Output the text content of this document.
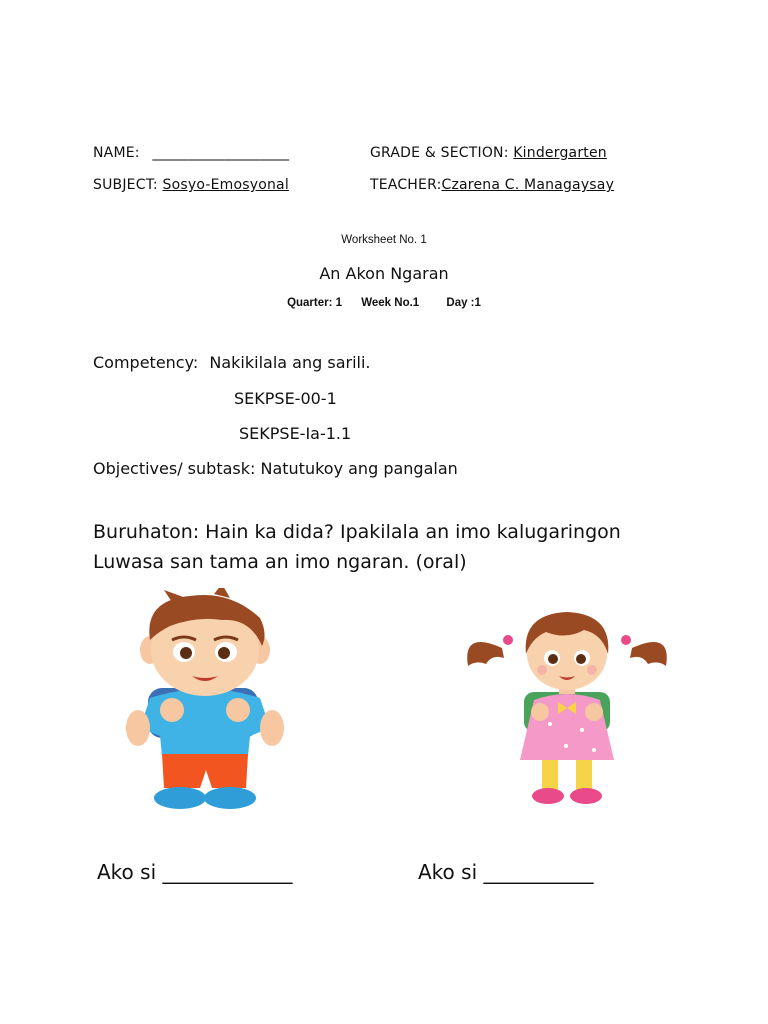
NAME: ___________________	GRADE & SECTION: Kindergarten
SUBJECT: Sosyo-Emosyonal	TEACHER:Czarena C. Managaysay
Worksheet No. 1
An Akon Ngaran
Quarter: 1 Week No.1 Day :1
Competency: Nakikilala ang sarili.
SEKPSE-00-1
SEKPSE-Ia-1.1
Objectives/ subtask: Natutukoy ang pangalan
Buruhaton: Hain ka dida? Ipakilala an imo kalugaringon
Luwasa san tama an imo ngaran. (oral)
Ako si _____________	Ako si ___________
